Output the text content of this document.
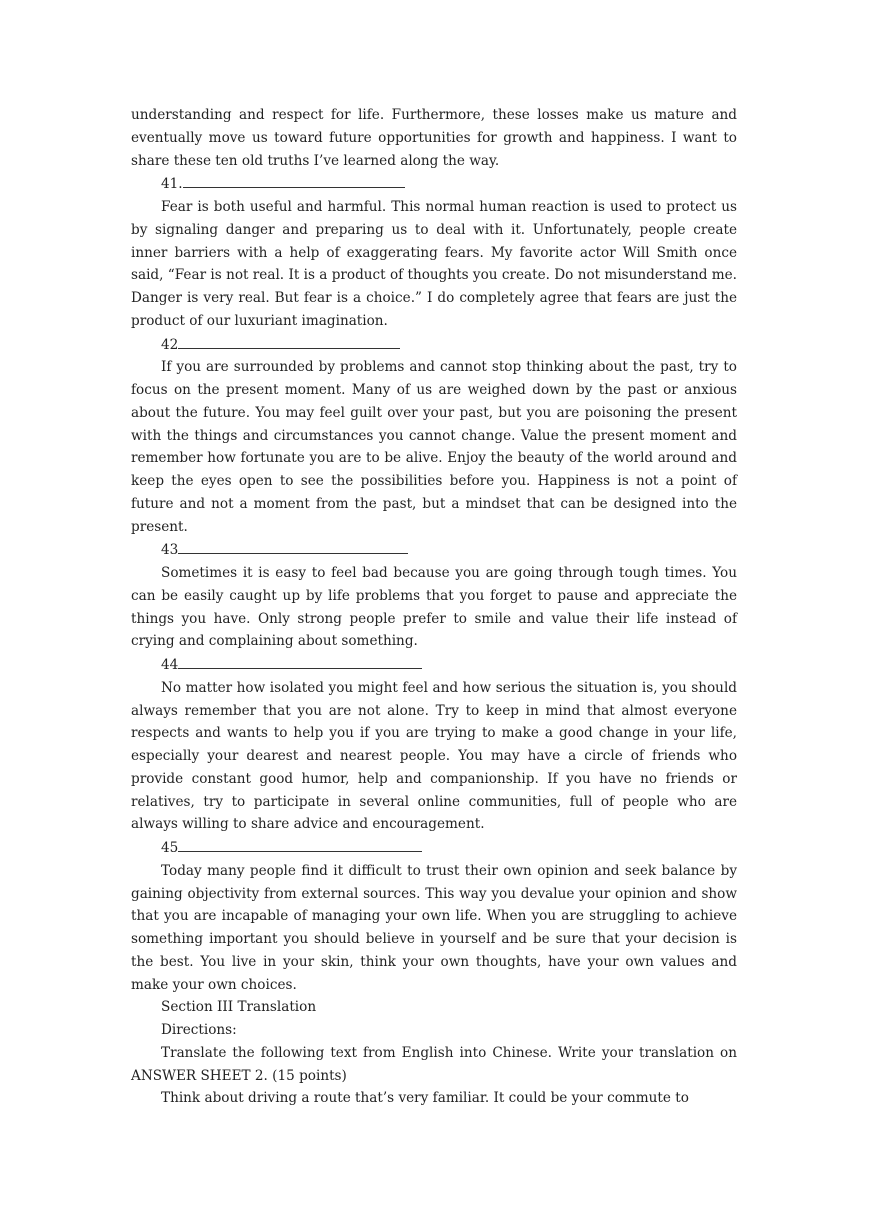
understanding and respect for life. Furthermore, these losses make us mature and eventually move us toward future opportunities for growth and happiness. I want to share these ten old truths I’ve learned along the way.

41.

Fear is both useful and harmful. This normal human reaction is used to protect us by signaling danger and preparing us to deal with it. Unfortunately, people create inner barriers with a help of exaggerating fears. My favorite actor Will Smith once said, “Fear is not real. It is a product of thoughts you create. Do not misunderstand me. Danger is very real. But fear is a choice.” I do completely agree that fears are just the product of our luxuriant imagination.

42

If you are surrounded by problems and cannot stop thinking about the past, try to focus on the present moment. Many of us are weighed down by the past or anxious about the future. You may feel guilt over your past, but you are poisoning the present with the things and circumstances you cannot change. Value the present moment and remember how fortunate you are to be alive. Enjoy the beauty of the world around and keep the eyes open to see the possibilities before you. Happiness is not a point of future and not a moment from the past, but a mindset that can be designed into the present.

43

Sometimes it is easy to feel bad because you are going through tough times. You can be easily caught up by life problems that you forget to pause and appreciate the things you have. Only strong people prefer to smile and value their life instead of crying and complaining about something.

44

No matter how isolated you might feel and how serious the situation is, you should always remember that you are not alone. Try to keep in mind that almost everyone respects and wants to help you if you are trying to make a good change in your life, especially your dearest and nearest people. You may have a circle of friends who provide constant good humor, help and companionship. If you have no friends or relatives, try to participate in several online communities, full of people who are always willing to share advice and encouragement.

45

Today many people find it difficult to trust their own opinion and seek balance by gaining objectivity from external sources. This way you devalue your opinion and show that you are incapable of managing your own life. When you are struggling to achieve something important you should believe in yourself and be sure that your decision is the best. You live in your skin, think your own thoughts, have your own values and make your own choices.

Section III Translation

Directions:

Translate the following text from English into Chinese. Write your translation on ANSWER SHEET 2. (15 points)

Think about driving a route that’s very familiar. It could be your commute to
